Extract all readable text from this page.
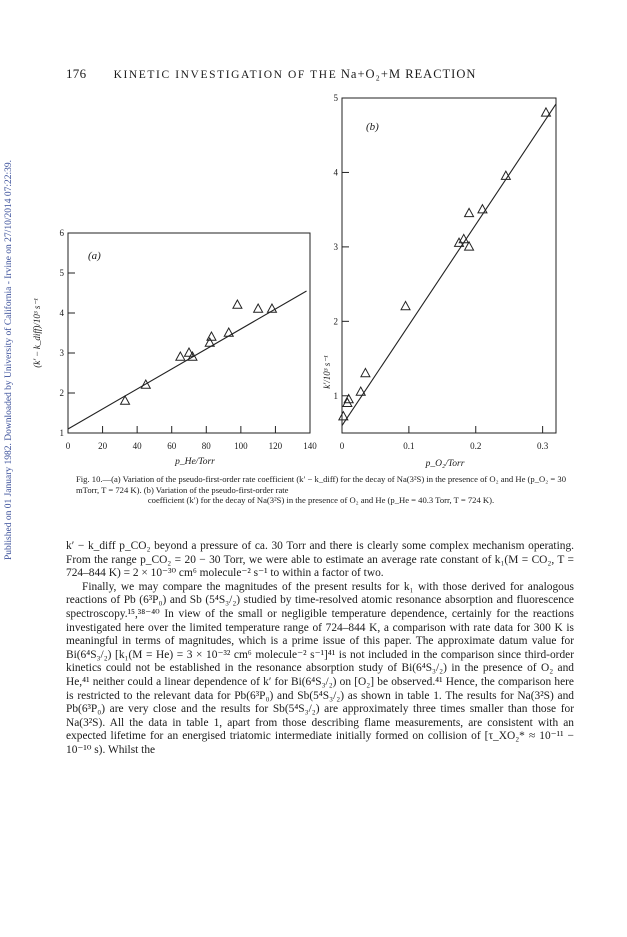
Published on 01 January 1982. Downloaded by University of California - Irvine on 27/10/2014 07:22:39.
176 KINETIC INVESTIGATION OF THE Na+O₂+M REACTION
0	20	40	60	80	100 120 140
1
2
3
4
5
6
(a)
(k′ − k_diff)/10³ s⁻¹
p_He/Torr
0	0.1	0.2	0.3
1
2
3
4
5
(b)
k′/10³ s⁻¹
p_O₂/Torr
Fig. 10.—(a) Variation of the pseudo-first-order rate coefficient (k′ − k_diff) for the decay of Na(3²S) in the presence of O₂ and He (p_O₂ = 30 mTorr, T = 724 K). (b) Variation of the pseudo-first-order rate
coefficient (k′) for the decay of Na(3²S) in the presence of O₂ and He (p_He = 40.3 Torr, T = 724 K).

k′ − k_diff p_CO₂ beyond a pressure of ca. 30 Torr and there is clearly some complex mechanism operating. From the range p_CO₂ = 20 − 30 Torr, we were able to estimate an average rate constant of k₁(M = CO₂, T = 724–844 K) = 2 × 10⁻³⁰ cm⁶ molecule⁻² s⁻¹ to within a factor of two.

Finally, we may compare the magnitudes of the present results for k₁ with those derived for analogous reactions of Pb (6³P₀) and Sb (5⁴S₃/₂) studied by time-resolved atomic resonance absorption and fluorescence spectroscopy.¹⁵,³⁸⁻⁴⁰ In view of the small or negligible temperature dependence, certainly for the reactions investigated here over the limited temperature range of 724–844 K, a comparison with rate data for 300 K is meaningful in terms of magnitudes, which is a prime issue of this paper. The approximate datum value for Bi(6⁴S₃/₂) [k₁(M = He) = 3 × 10⁻³² cm⁶ molecule⁻² s⁻¹]⁴¹ is not included in the comparison since third-order kinetics could not be established in the resonance absorption study of Bi(6⁴S₃/₂) in the presence of O₂ and He,⁴¹ neither could a linear dependence of k′ for Bi(6⁴S₃/₂) on [O₂] be observed.⁴¹ Hence, the comparison here is restricted to the relevant data for Pb(6³P₀) and Sb(5⁴S₃/₂) as shown in table 1. The results for Na(3²S) and Pb(6³P₀) are very close and the results for Sb(5⁴S₃/₂) are approximately three times smaller than those for Na(3²S). All the data in table 1, apart from those describing flame measurements, are consistent with an expected lifetime for an energised triatomic intermediate initially formed on collision of [τ_XO₂* ≈ 10⁻¹¹ − 10⁻¹⁰ s). Whilst the
